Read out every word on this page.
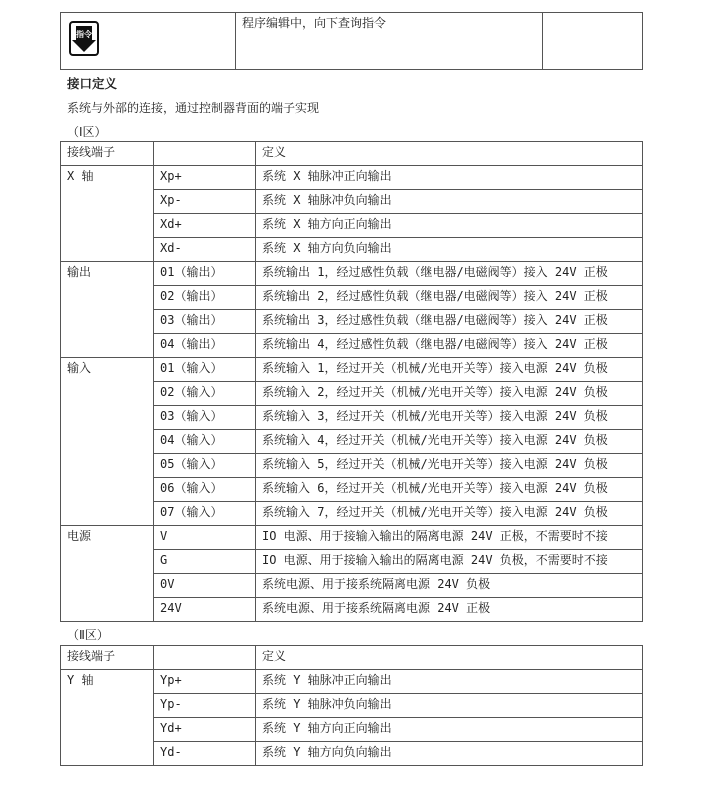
指令
	程序编辑中，向下查询指令	
接口定义
系统与外部的连接，通过控制器背面的端子实现
（Ⅰ区）
接线端子		定义
X 轴	Xp+	系统 X 轴脉冲正向输出
	Xp-	系统 X 轴脉冲负向输出
	Xd+	系统 X 轴方向正向输出
	Xd-	系统 X 轴方向负向输出
输出	01（输出）	系统输出 1，经过感性负载（继电器/电磁阀等）接入 24V 正极
	02（输出）	系统输出 2，经过感性负载（继电器/电磁阀等）接入 24V 正极
	03（输出）	系统输出 3，经过感性负载（继电器/电磁阀等）接入 24V 正极
	04（输出）	系统输出 4，经过感性负载（继电器/电磁阀等）接入 24V 正极
输入	01（输入）	系统输入 1，经过开关（机械/光电开关等）接入电源 24V 负极
	02（输入）	系统输入 2，经过开关（机械/光电开关等）接入电源 24V 负极
	03（输入）	系统输入 3，经过开关（机械/光电开关等）接入电源 24V 负极
	04（输入）	系统输入 4，经过开关（机械/光电开关等）接入电源 24V 负极
	05（输入）	系统输入 5，经过开关（机械/光电开关等）接入电源 24V 负极
	06（输入）	系统输入 6，经过开关（机械/光电开关等）接入电源 24V 负极
	07（输入）	系统输入 7，经过开关（机械/光电开关等）接入电源 24V 负极
电源	V	IO 电源、用于接输入输出的隔离电源 24V 正极，不需要时不接
	G	IO 电源、用于接输入输出的隔离电源 24V 负极，不需要时不接
	0V	系统电源、用于接系统隔离电源 24V 负极
	24V	系统电源、用于接系统隔离电源 24V 正极
（Ⅱ区）
接线端子		定义
Y 轴	Yp+	系统 Y 轴脉冲正向输出
	Yp-	系统 Y 轴脉冲负向输出
	Yd+	系统 Y 轴方向正向输出
	Yd-	系统 Y 轴方向负向输出
